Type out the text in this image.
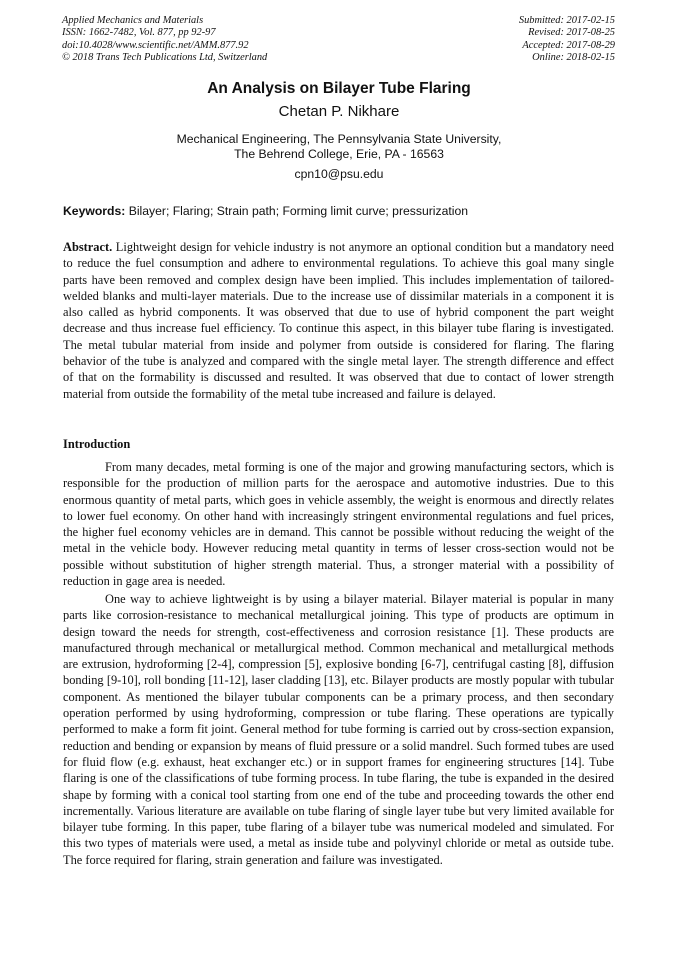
Applied Mechanics and Materials
ISSN: 1662-7482, Vol. 877, pp 92-97
doi:10.4028/www.scientific.net/AMM.877.92
© 2018 Trans Tech Publications Ltd, Switzerland
Submitted: 2017-02-15
Revised: 2017-08-25
Accepted: 2017-08-29
Online: 2018-02-15
An Analysis on Bilayer Tube Flaring
Chetan P. Nikhare
Mechanical Engineering, The Pennsylvania State University,
The Behrend College, Erie, PA - 16563
cpn10@psu.edu
Keywords: Bilayer; Flaring; Strain path; Forming limit curve; pressurization

Abstract. Lightweight design for vehicle industry is not anymore an optional condition but a mandatory need to reduce the fuel consumption and adhere to environmental regulations. To achieve this goal many single parts have been removed and complex design have been implied. This includes implementation of tailored-welded blanks and multi-layer materials. Due to the increase use of dissimilar materials in a component it is also called as hybrid components. It was observed that due to use of hybrid component the part weight decrease and thus increase fuel efficiency. To continue this aspect, in this bilayer tube flaring is investigated. The metal tubular material from inside and polymer from outside is considered for flaring. The flaring behavior of the tube is analyzed and compared with the single metal layer. The strength difference and effect of that on the formability is discussed and resulted. It was observed that due to contact of lower strength material from outside the formability of the metal tube increased and failure is delayed.

Introduction

From many decades, metal forming is one of the major and growing manufacturing sectors, which is responsible for the production of million parts for the aerospace and automotive industries. Due to this enormous quantity of metal parts, which goes in vehicle assembly, the weight is enormous and directly relates to lower fuel economy. On other hand with increasingly stringent environmental regulations and fuel prices, the higher fuel economy vehicles are in demand. This cannot be possible without reducing the weight of the metal in the vehicle body. However reducing metal quantity in terms of lesser cross-section would not be possible without substitution of higher strength material. Thus, a stronger material with a possibility of reduction in gage area is needed.

One way to achieve lightweight is by using a bilayer material. Bilayer material is popular in many parts like corrosion-resistance to mechanical metallurgical joining. This type of products are optimum in design toward the needs for strength, cost-effectiveness and corrosion resistance [1]. These products are manufactured through mechanical or metallurgical method. Common mechanical and metallurgical methods are extrusion, hydroforming [2-4], compression [5], explosive bonding [6-7], centrifugal casting [8], diffusion bonding [9-10], roll bonding [11-12], laser cladding [13], etc. Bilayer products are mostly popular with tubular component. As mentioned the bilayer tubular components can be a primary process, and then secondary operation performed by using hydroforming, compression or tube flaring. These operations are typically performed to make a form fit joint. General method for tube forming is carried out by cross-section expansion, reduction and bending or expansion by means of fluid pressure or a solid mandrel. Such formed tubes are used for fluid flow (e.g. exhaust, heat exchanger etc.) or in support frames for engineering structures [14]. Tube flaring is one of the classifications of tube forming process. In tube flaring, the tube is expanded in the desired shape by forming with a conical tool starting from one end of the tube and proceeding towards the other end incrementally. Various literature are available on tube flaring of single layer tube but very limited available for bilayer tube forming. In this paper, tube flaring of a bilayer tube was numerical modeled and simulated. For this two types of materials were used, a metal as inside tube and polyvinyl chloride or metal as outside tube. The force required for flaring, strain generation and failure was investigated.
